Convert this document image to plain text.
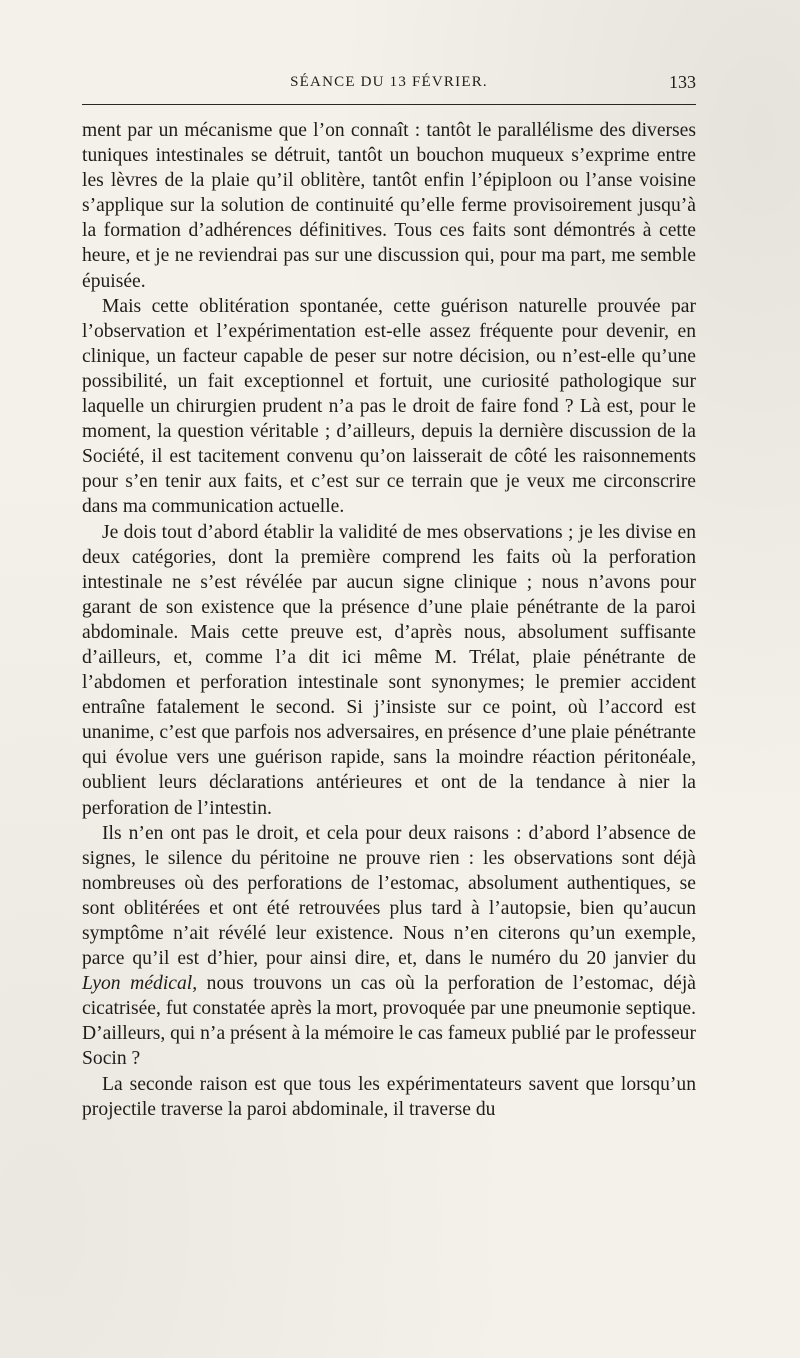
SÉANCE DU 13 FÉVRIER.	133

ment par un mécanisme que l’on connaît : tantôt le parallélisme des diverses tuniques intestinales se détruit, tantôt un bouchon muqueux s’exprime entre les lèvres de la plaie qu’il oblitère, tantôt enfin l’épiploon ou l’anse voisine s’applique sur la solution de continuité qu’elle ferme provisoirement jusqu’à la formation d’adhérences définitives. Tous ces faits sont démontrés à cette heure, et je ne reviendrai pas sur une discussion qui, pour ma part, me semble épuisée.

Mais cette oblitération spontanée, cette guérison naturelle prouvée par l’observation et l’expérimentation est-elle assez fréquente pour devenir, en clinique, un facteur capable de peser sur notre décision, ou n’est-elle qu’une possibilité, un fait exceptionnel et fortuit, une curiosité pathologique sur laquelle un chirurgien prudent n’a pas le droit de faire fond ? Là est, pour le moment, la question véritable ; d’ailleurs, depuis la dernière discussion de la Société, il est tacitement convenu qu’on laisserait de côté les raisonnements pour s’en tenir aux faits, et c’est sur ce terrain que je veux me circonscrire dans ma communication actuelle.

Je dois tout d’abord établir la validité de mes observations ; je les divise en deux catégories, dont la première comprend les faits où la perforation intestinale ne s’est révélée par aucun signe clinique ; nous n’avons pour garant de son existence que la présence d’une plaie pénétrante de la paroi abdominale. Mais cette preuve est, d’après nous, absolument suffisante d’ailleurs, et, comme l’a dit ici même M. Trélat, plaie pénétrante de l’abdomen et perforation intestinale sont synonymes; le premier accident entraîne fatalement le second. Si j’insiste sur ce point, où l’accord est unanime, c’est que parfois nos adversaires, en présence d’une plaie pénétrante qui évolue vers une guérison rapide, sans la moindre réaction péritonéale, oublient leurs déclarations antérieures et ont de la tendance à nier la perforation de l’intestin.

Ils n’en ont pas le droit, et cela pour deux raisons : d’abord l’absence de signes, le silence du péritoine ne prouve rien : les observations sont déjà nombreuses où des perforations de l’estomac, absolument authentiques, se sont oblitérées et ont été retrouvées plus tard à l’autopsie, bien qu’aucun symptôme n’ait révélé leur existence. Nous n’en citerons qu’un exemple, parce qu’il est d’hier, pour ainsi dire, et, dans le numéro du 20 janvier du Lyon médical, nous trouvons un cas où la perforation de l’estomac, déjà cicatrisée, fut constatée après la mort, provoquée par une pneumonie septique. D’ailleurs, qui n’a présent à la mémoire le cas fameux publié par le professeur Socin ?

La seconde raison est que tous les expérimentateurs savent que lorsqu’un projectile traverse la paroi abdominale, il traverse du
